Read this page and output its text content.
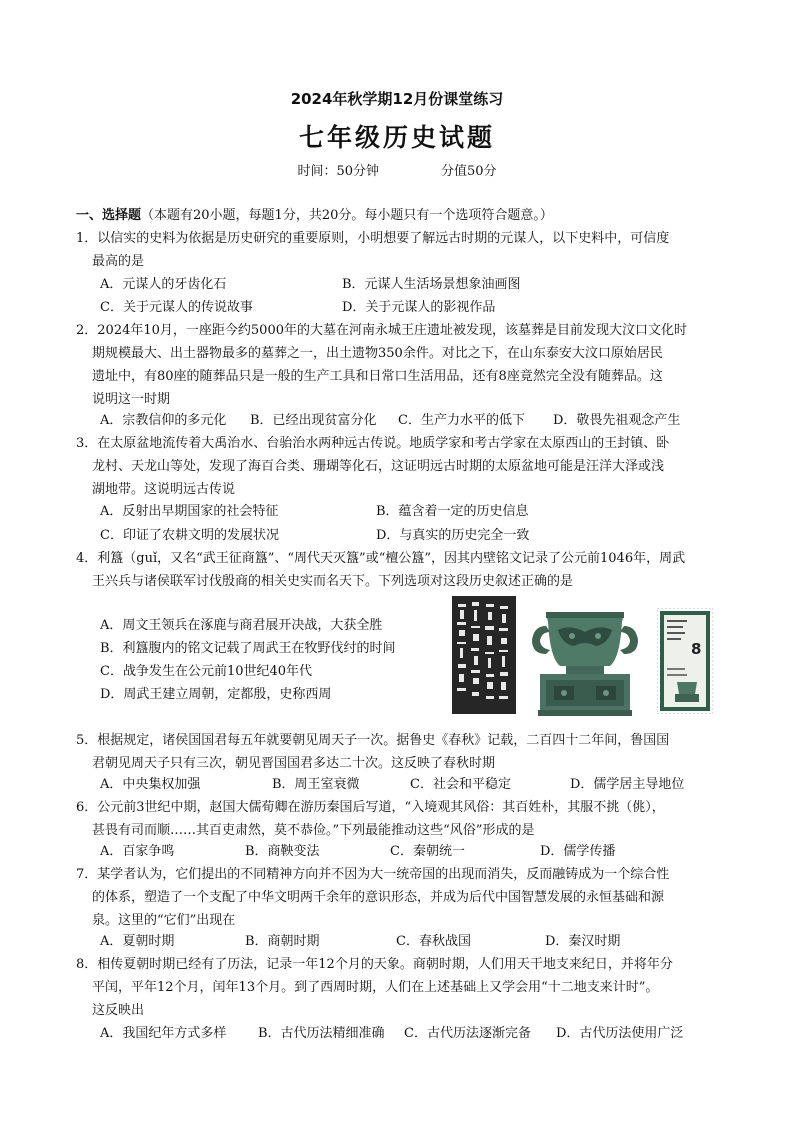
2024年秋学期12月份课堂练习
七年级历史试题
时间：50分钟	分值50分
一、选择题（本题有20小题，每题1分，共20分。每小题只有一个选项符合题意。）
1．以信实的史料为依据是历史研究的重要原则，小明想要了解远古时期的元谋人，以下史料中，可信度
最高的是
A．元谋人的牙齿化石	B．元谋人生活场景想象油画图
C．关于元谋人的传说故事	D．关于元谋人的影视作品
2．2024年10月，一座距今约5000年的大墓在河南永城王庄遗址被发现，该墓葬是目前发现大汶口文化时
期规模最大、出土器物最多的墓葬之一，出土遗物350余件。对比之下，在山东泰安大汶口原始居民
遗址中，有80座的随葬品只是一般的生产工具和日常口生活用品，还有8座竟然完全没有随葬品。这
说明这一时期
A．宗教信仰的多元化 B．已经出现贫富分化 C．生产力水平的低下 D．敬畏先祖观念产生
3．在太原盆地流传着大禹治水、台骀治水两种远古传说。地质学家和考古学家在太原西山的王封镇、卧
龙村、天龙山等处，发现了海百合类、珊瑚等化石，这证明远古时期的太原盆地可能是汪洋大泽或浅
湖地带。这说明远古传说
A．反射出早期国家的社会特征	B．蕴含着一定的历史信息
C．印证了农耕文明的发展状况	D．与真实的历史完全一致
4．利簋（guǐ，又名“武王征商簋”、“周代天灭簋”或“檀公簋”，因其内壁铭文记录了公元前1046年，周武
王兴兵与诸侯联军讨伐殷商的相关史实而名天下。下列选项对这段历史叙述正确的是
A．周文王领兵在涿鹿与商君展开决战，大获全胜
B．利簋腹内的铭文记载了周武王在牧野伐纣的时间
C．战争发生在公元前10世纪40年代
D．周武王建立周朝，定都殷，史称西周
8
5．根据规定，诸侯国国君每五年就要朝见周天子一次。据鲁史《春秋》记载，二百四十二年间，鲁国国
君朝见周天子只有三次，朝见晋国国君多达二十次。这反映了春秋时期
A．中央集权加强	B．周王室衰微	C．社会和平稳定	D．儒学居主导地位
6．公元前3世纪中期，赵国大儒荀卿在游历秦国后写道，“入境观其风俗：其百姓朴，其服不挑（佻），
甚畏有司而顺……其百吏肃然，莫不恭俭。”下列最能推动这些“风俗”形成的是
A．百家争鸣	B．商鞅变法	C．秦朝统一	D．儒学传播
7．某学者认为，它们提出的不同精神方向并不因为大一统帝国的出现而消失，反而融铸成为一个综合性
的体系，塑造了一个支配了中华文明两千余年的意识形态，并成为后代中国智慧发展的永恒基础和源
泉。这里的“它们”出现在
A．夏朝时期	B．商朝时期	C．春秋战国	D．秦汉时期
8．相传夏朝时期已经有了历法，记录一年12个月的天象。商朝时期，人们用天干地支来纪日，并将年分
平闰，平年12个月，闰年13个月。到了西周时期，人们在上述基础上又学会用“十二地支来计时”。
这反映出
A．我国纪年方式多样 B．古代历法精细准确 C．古代历法逐渐完备 D．古代历法使用广泛
